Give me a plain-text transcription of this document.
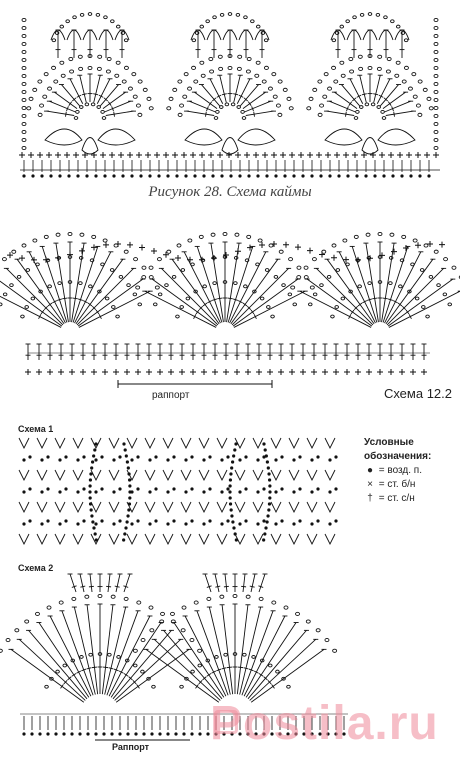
Рисунок 28. Схема каймы
раппорт	Схема 12.2
Схема 1
Схема 2
Раппорт
Условные
обозначения:
● = возд. п.
× = ст. б/н
† = ст. с/н
Postila.ru
